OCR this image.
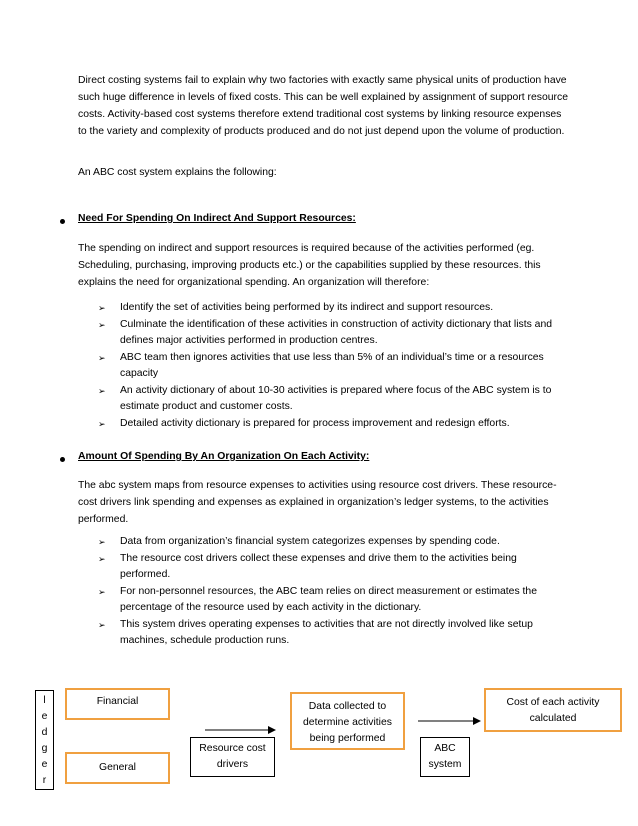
Direct costing systems fail to explain why two factories with exactly same physical units of production have such huge difference in levels of fixed costs. This can be well explained by assignment of support resource costs. Activity-based cost systems therefore extend traditional cost systems by linking resource expenses to the variety and complexity of products produced and do not just depend upon the volume of production.

An ABC cost system explains the following:

Need For Spending On Indirect And Support Resources:

The spending on indirect and support resources is required because of the activities performed (eg. Scheduling, purchasing, improving products etc.) or the capabilities supplied by these resources. this explains the need for organizational spending. An organization will therefore:

➢ Identify the set of activities being performed by its indirect and support resources.
➢ Culminate the identification of these activities in construction of activity dictionary that lists and defines major activities performed in production centres.
➢ ABC team then ignores activities that use less than 5% of an individual’s time or a resources capacity
➢ An activity dictionary of about 10-30 activities is prepared where focus of the ABC system is to estimate product and customer costs.
➢ Detailed activity dictionary is prepared for process improvement and redesign efforts.

Amount Of Spending By An Organization On Each Activity:

The abc system maps from resource expenses to activities using resource cost drivers. These resource-cost drivers link spending and expenses as explained in organization’s ledger systems, to the activities performed.

➢ Data from organization’s financial system categorizes expenses by spending code.
➢ The resource cost drivers collect these expenses and drive them to the activities being performed.
➢ For non-personnel resources, the ABC team relies on direct measurement or estimates the percentage of the resource used by each activity in the dictionary.
➢ This system drives operating expenses to activities that are not directly involved like setup machines, schedule production runs.
l
e
d
g
e
r
Financial
General
Resource cost drivers
Data collected to determine activities being performed
ABC system
Cost of each activity calculated
